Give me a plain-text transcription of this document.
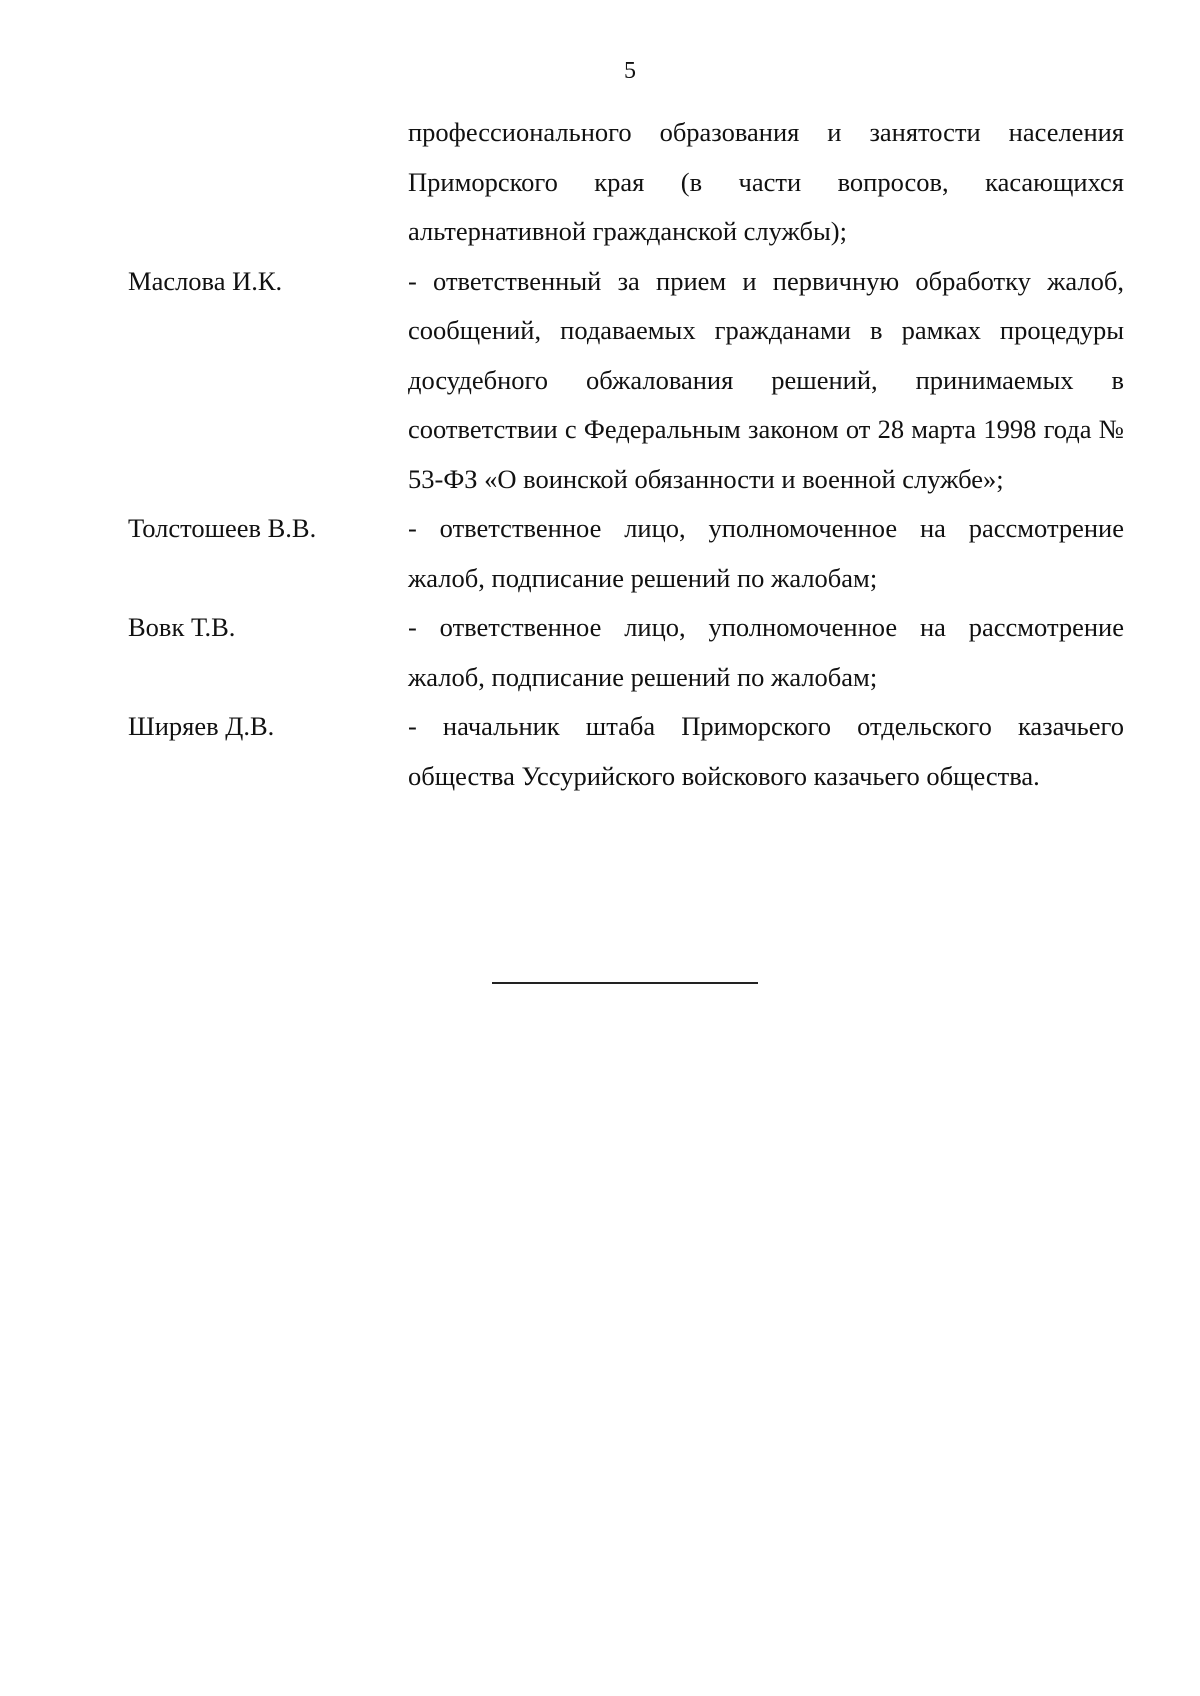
5
профессионального образования и занятости населения Приморского края (в части вопросов, касающихся альтернативной гражданской службы);
Маслова И.К.	- ответственный за прием и первичную обработку жалоб, сообщений, подаваемых гражданами в рамках процедуры досудебного обжалования решений, принимаемых в соответствии с Федеральным законом от 28 марта 1998 года № 53-ФЗ «О воинской обязанности и военной службе»;
Толстошеев В.В.	- ответственное лицо, уполномоченное на рассмотрение жалоб, подписание решений по жалобам;
Вовк Т.В.	- ответственное лицо, уполномоченное на рассмотрение жалоб, подписание решений по жалобам;
Ширяев Д.В.	- начальник штаба Приморского отдельского казачьего общества Уссурийского войскового казачьего общества.
